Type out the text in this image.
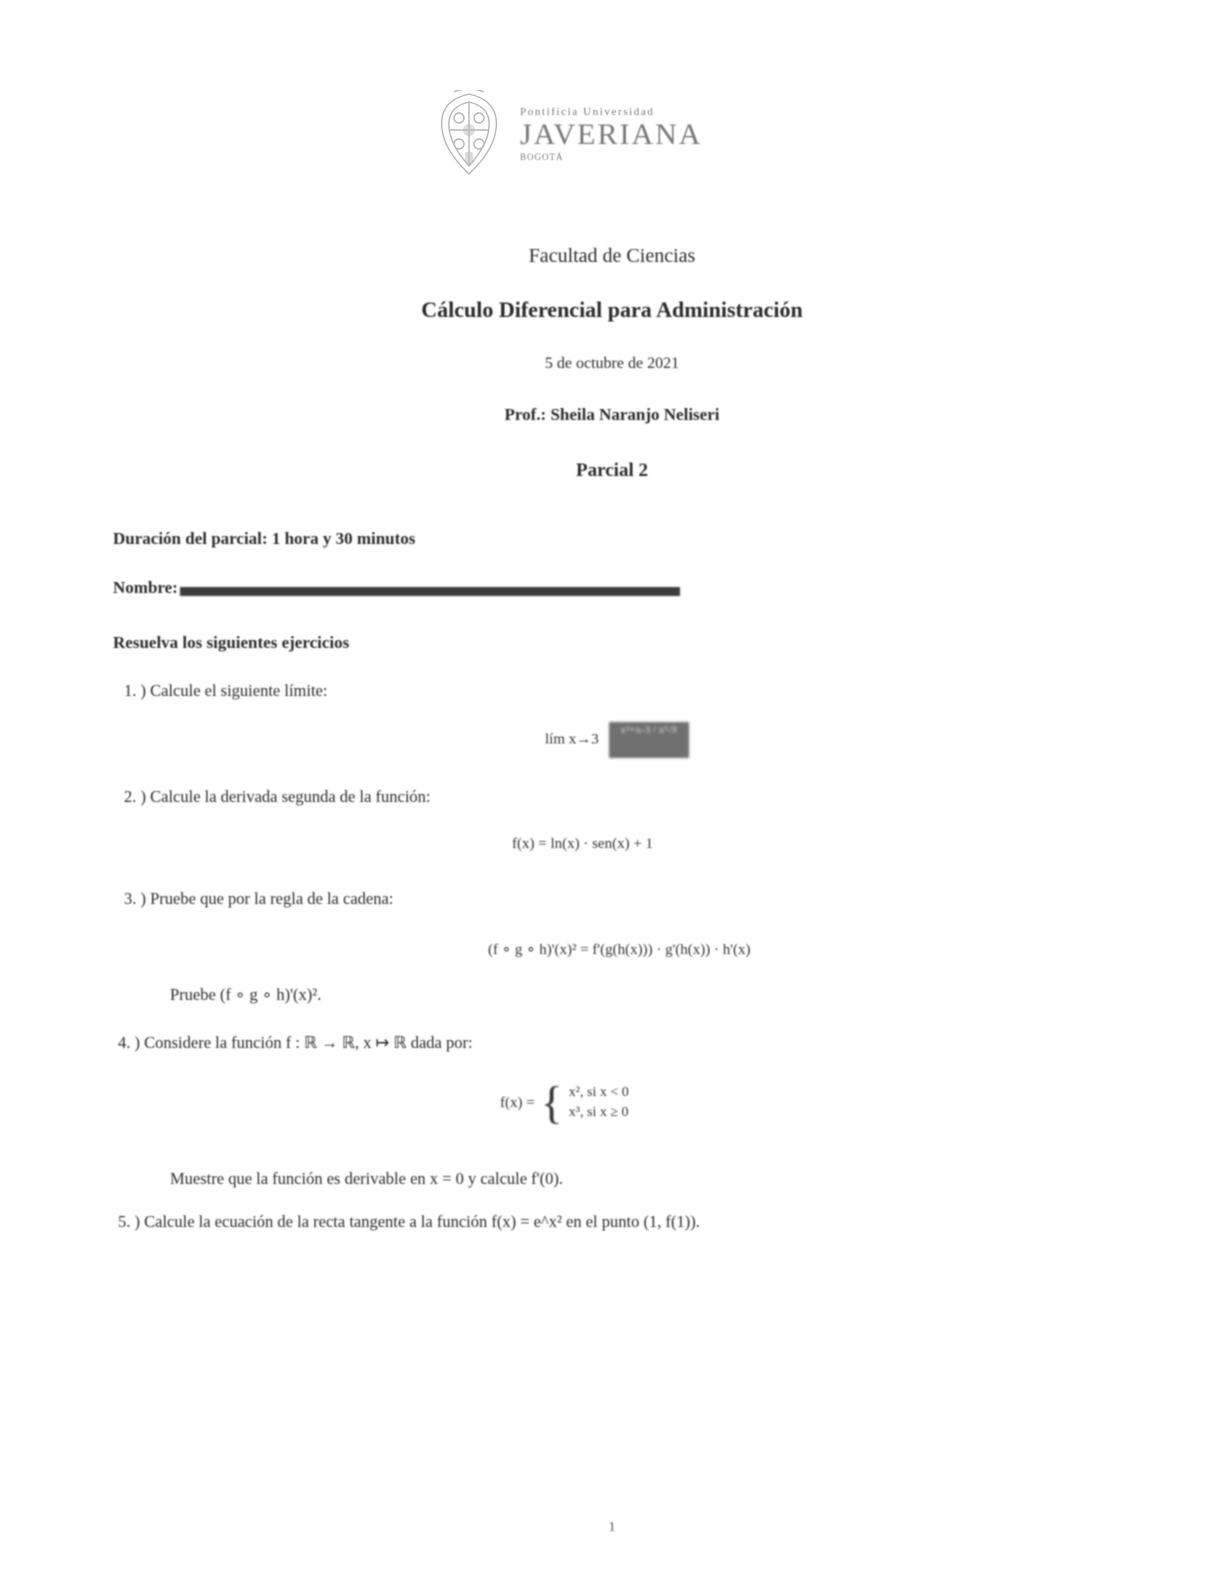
Pontificia Universidad
JAVERIANA
BOGOTÁ
Facultad de Ciencias
Cálculo Diferencial para Administración
5 de octubre de 2021
Prof.: Sheila Naranjo Neliseri
Parcial 2
Duración del parcial: 1 hora y 30 minutos
Nombre:
Resuelva los siguientes ejercicios
1. ) Calcule el siguiente límite:
lím x→3 x²+x-3 / x²-9
2. ) Calcule la derivada segunda de la función:
f(x) = ln(x) · sen(x) + 1
3. ) Pruebe que por la regla de la cadena:
(f ∘ g ∘ h)'(x)² = f'(g(h(x))) · g'(h(x)) · h'(x)
Pruebe (f ∘ g ∘ h)'(x)².
4. ) Considere la función f : ℝ → ℝ, x ↦ ℝ dada por:
f(x) = { x², si x < 0
x³, si x ≥ 0
Muestre que la función es derivable en x = 0 y calcule f'(0).
5. ) Calcule la ecuación de la recta tangente a la función f(x) = e^x² en el punto (1, f(1)).
1
